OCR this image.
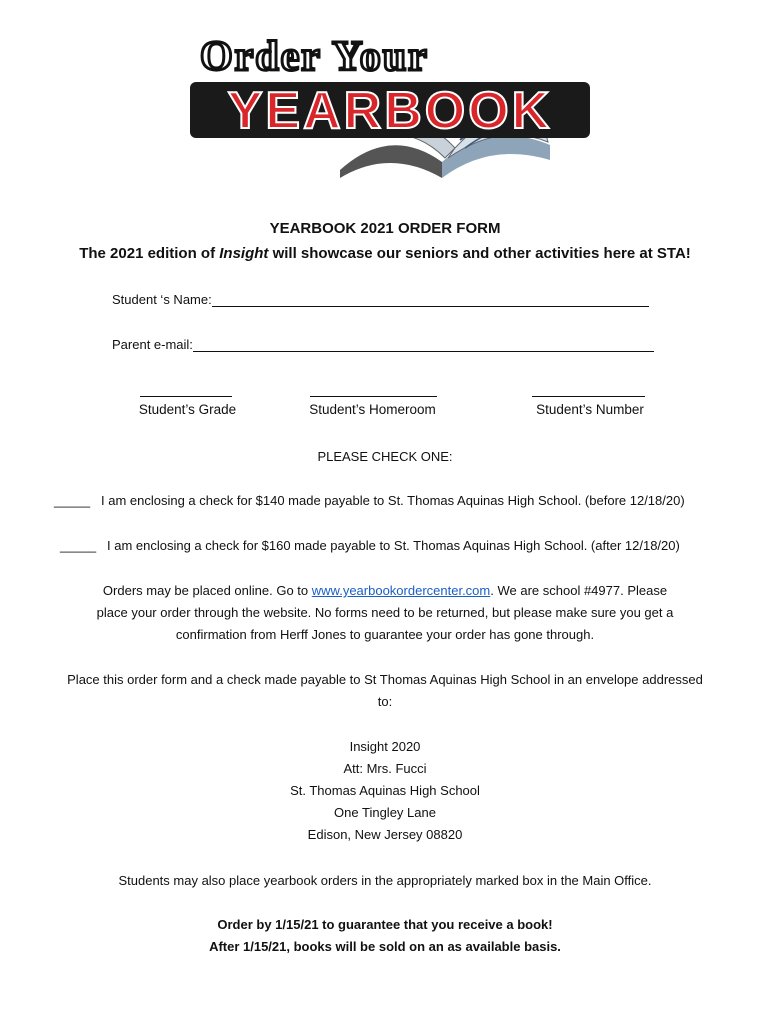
Order Your
YEARBOOK
YEARBOOK 2021 ORDER FORM
The 2021 edition of Insight will showcase our seniors and other activities here at STA!
Student ‘s Name:
Parent e-mail:
Student’s Grade	Student’s Homeroom	Student’s Number
PLEASE CHECK ONE:
_____ I am enclosing a check for $140 made payable to St. Thomas Aquinas High School. (before 12/18/20)
_____ I am enclosing a check for $160 made payable to St. Thomas Aquinas High School. (after 12/18/20)
Orders may be placed online. Go to www.yearbookordercenter.com. We are school #4977. Please
place your order through the website. No forms need to be returned, but please make sure you get a
confirmation from Herff Jones to guarantee your order has gone through.
Place this order form and a check made payable to St Thomas Aquinas High School in an envelope addressed
to:
Insight 2020
Att: Mrs. Fucci
St. Thomas Aquinas High School
One Tingley Lane
Edison, New Jersey 08820
Students may also place yearbook orders in the appropriately marked box in the Main Office.
Order by 1/15/21 to guarantee that you receive a book!
After 1/15/21, books will be sold on an as available basis.
